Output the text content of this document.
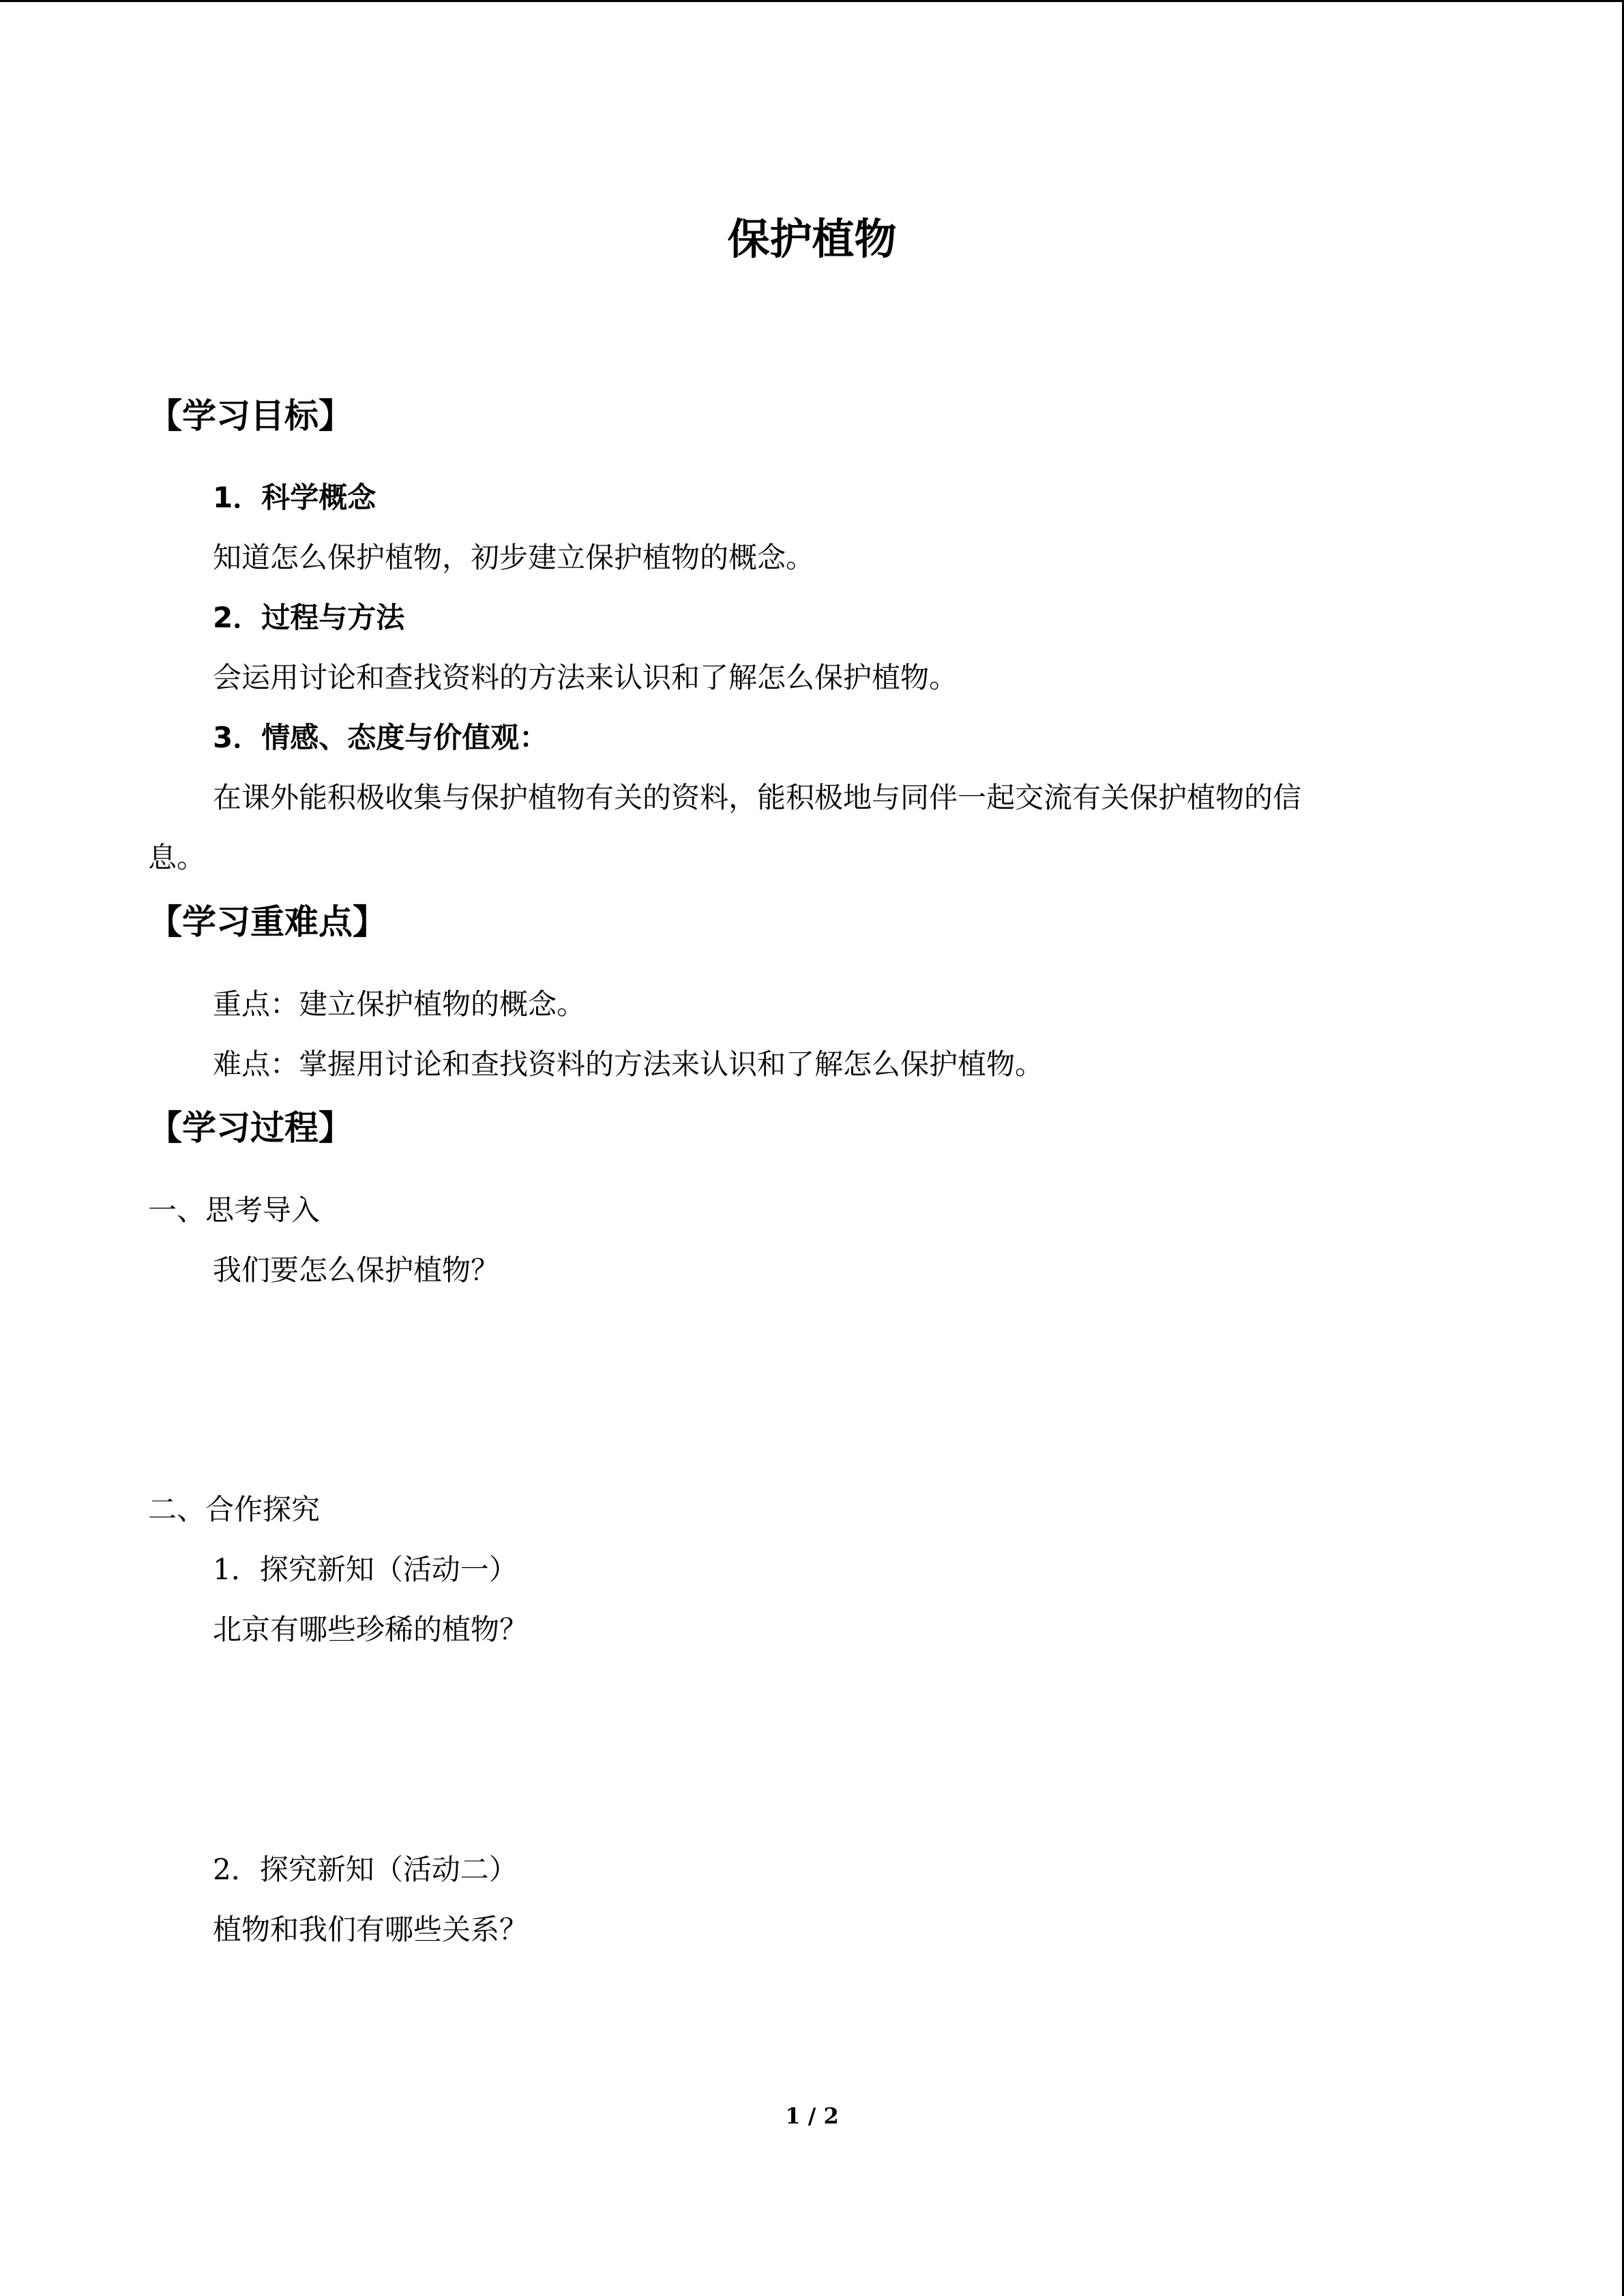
保护植物
【学习目标】
1．科学概念
知道怎么保护植物，初步建立保护植物的概念。
2．过程与方法
会运用讨论和查找资料的方法来认识和了解怎么保护植物。
3．情感、态度与价值观：
在课外能积极收集与保护植物有关的资料，能积极地与同伴一起交流有关保护植物的信
息。
【学习重难点】
重点：建立保护植物的概念。
难点：掌握用讨论和查找资料的方法来认识和了解怎么保护植物。
【学习过程】
一、思考导入
我们要怎么保护植物？
二、合作探究
1．探究新知（活动一）
北京有哪些珍稀的植物？
2．探究新知（活动二）
植物和我们有哪些关系？
1 / 2
